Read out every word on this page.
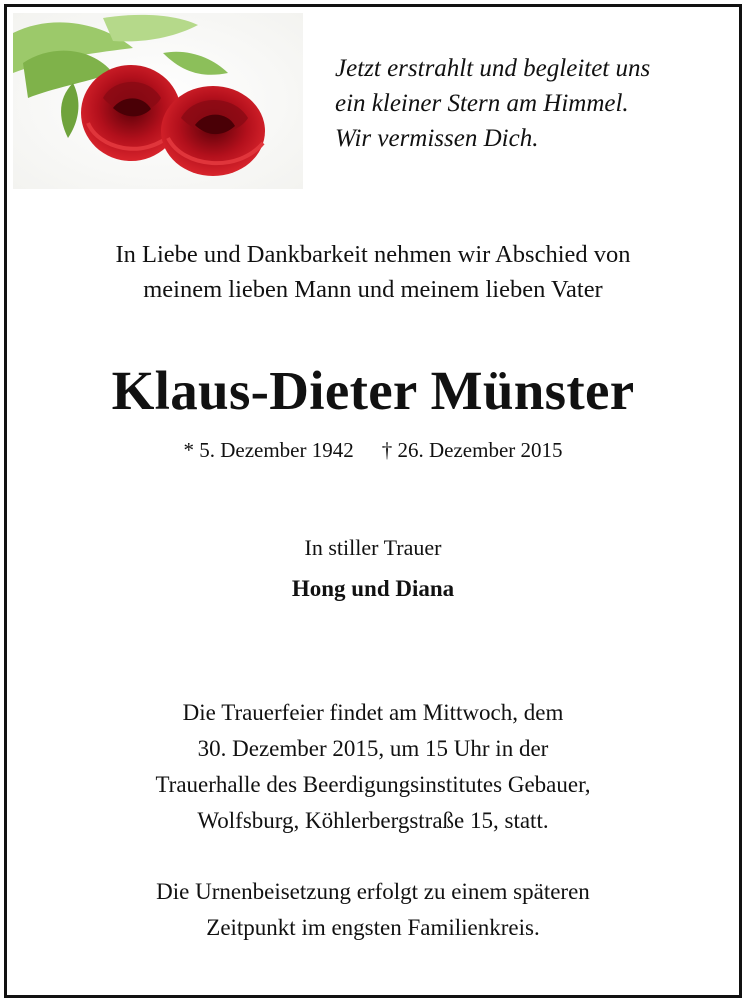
Jetzt erstrahlt und begleitet uns
ein kleiner Stern am Himmel.
Wir vermissen Dich.
In Liebe und Dankbarkeit nehmen wir Abschied von
meinem lieben Mann und meinem lieben Vater
Klaus-Dieter Münster
* 5. Dezember 1942 † 26. Dezember 2015
In stiller Trauer
Hong und Diana
Die Trauerfeier findet am Mittwoch, dem
30. Dezember 2015, um 15 Uhr in der
Trauerhalle des Beerdigungsinstitutes Gebauer,
Wolfsburg, Köhlerbergstraße 15, statt.
Die Urnenbeisetzung erfolgt zu einem späteren
Zeitpunkt im engsten Familienkreis.
